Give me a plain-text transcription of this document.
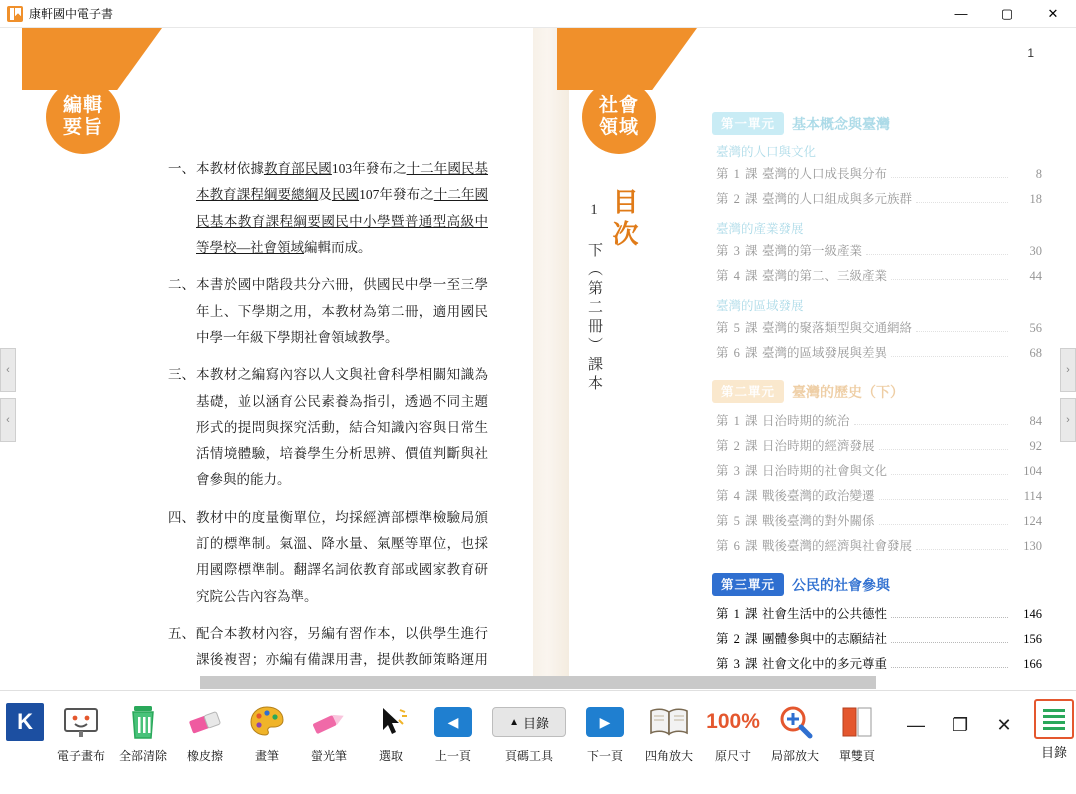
康軒國中電子書	—	▢	✕
1
編輯
要旨
社會
領域
一、 本教材依據教育部民國103年發布之十二年國民基本教育課程綱要總綱及民國107年發布之十二年國民基本教育課程綱要國民中小學暨普通型高級中等學校—社會領域編輯而成。
二、 本書於國中階段共分六冊，供國民中學一至三學年上、下學期之用，本教材為第二冊，適用國民中學一年級下學期社會領域教學。
三、 本教材之編寫內容以人文與社會科學相關知識為基礎，並以涵育公民素養為指引，透過不同主題形式的提問與探究活動，結合知識內容與日常生活情境體驗，培養學生分析思辨、價值判斷與社會參與的能力。
四、 教材中的度量衡單位，均採經濟部標準檢驗局頒訂的標準制。氣溫、降水量、氣壓等單位，也採用國際標準制。翻譯名詞依教育部或國家教育研究院公告內容為準。
五、 配合本教材內容，另編有習作本，以供學生進行課後複習；亦編有備課用書，提供教師策略運用
目次
1 下（第二冊）課本
第一單元	基本概念與臺灣
臺灣的人口與文化
第 1 課 臺灣的人口成長與分布	8
第 2 課 臺灣的人口組成與多元族群	18
臺灣的產業發展
第 3 課 臺灣的第一級產業	30
第 4 課 臺灣的第二、三級產業	44
臺灣的區域發展
第 5 課 臺灣的聚落類型與交通網絡	56
第 6 課 臺灣的區域發展與差異	68
第二單元	臺灣的歷史（下）
第 1 課 日治時期的統治	84
第 2 課 日治時期的經濟發展	92
第 3 課 日治時期的社會與文化	104
第 4 課 戰後臺灣的政治變遷	114
第 5 課 戰後臺灣的對外關係	124
第 6 課 戰後臺灣的經濟與社會發展	130
第三單元	公民的社會參與
第 1 課 社會生活中的公共德性	146
第 2 課 團體參與中的志願結社	156
第 3 課 社會文化中的多元尊重	166
‹
‹
›
›
K
電子畫布 全部清除 橡皮擦	畫筆	螢光筆	選取
◀
上一頁
▲ 目錄
頁碼工具
▶
下一頁 四角放大
100%
原尺寸 局部放大 單雙頁
—	❐	✕
目錄
